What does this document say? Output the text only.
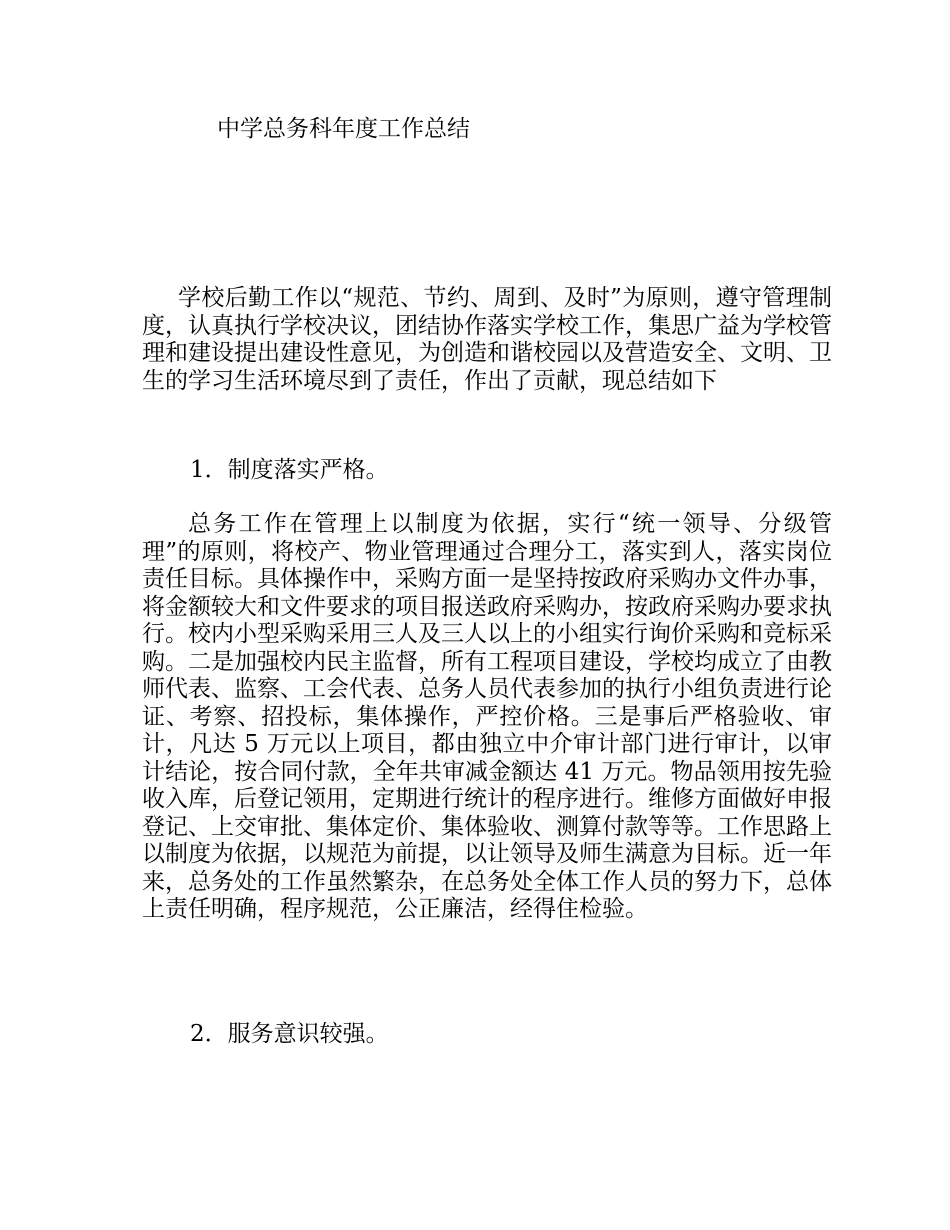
中学总务科年度工作总结

学校后勤工作以“规范、节约、周到、及时”为原则，遵守管理制度，认真执行学校决议，团结协作落实学校工作，集思广益为学校管理和建设提出建设性意见，为创造和谐校园以及营造安全、文明、卫生的学习生活环境尽到了责任，作出了贡献，现总结如下

1．制度落实严格。

总务工作在管理上以制度为依据，实行“统一领导、分级管理”的原则，将校产、物业管理通过合理分工，落实到人，落实岗位责任目标。具体操作中，采购方面一是坚持按政府采购办文件办事，将金额较大和文件要求的项目报送政府采购办，按政府采购办要求执行。校内小型采购采用三人及三人以上的小组实行询价采购和竞标采购。二是加强校内民主监督，所有工程项目建设，学校均成立了由教师代表、监察、工会代表、总务人员代表参加的执行小组负责进行论证、考察、招投标，集体操作，严控价格。三是事后严格验收、审计，凡达 5 万元以上项目，都由独立中介审计部门进行审计，以审计结论，按合同付款，全年共审减金额达 41 万元。物品领用按先验收入库，后登记领用，定期进行统计的程序进行。维修方面做好申报登记、上交审批、集体定价、集体验收、测算付款等等。工作思路上以制度为依据，以规范为前提，以让领导及师生满意为目标。近一年来，总务处的工作虽然繁杂，在总务处全体工作人员的努力下，总体上责任明确，程序规范，公正廉洁，经得住检验。

2．服务意识较强。
